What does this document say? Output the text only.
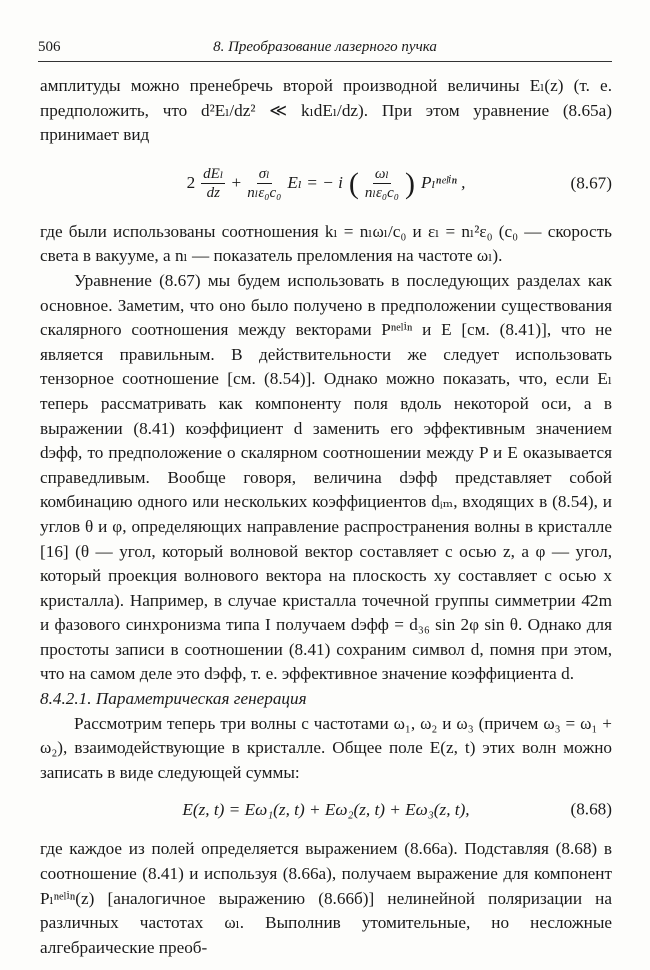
506	8. Преобразование лазерного пучка

амплитуды можно пренебречь второй производной величины Eₗ(z) (т. е. предположить, что d²Eₗ/dz² ≪ kₗdEₗ/dz). При этом уравнение (8.65а) принимает вид

$2 \frac{\text{dEₗ}}{dz} + \frac{\text{σₗ}}{\text{nₗε₀c₀}}$ Eₗ = − i ( $\frac{\text{ωₗ}}{\text{nₗε₀c₀}}$ ) Pₗⁿᵉˡⁱⁿ ,	(8.67)

где были использованы соотношения kₗ = nₗωₗ/c₀ и εₗ = nₗ²ε₀ (c₀ — скорость света в вакууме, а nₗ — показатель преломления на частоте ωₗ).

Уравнение (8.67) мы будем использовать в последующих разделах как основное. Заметим, что оно было получено в предположении существования скалярного соотношения между векторами Pⁿᵉˡⁱⁿ и E [см. (8.41)], что не является правильным. В действительности же следует использовать тензорное соотношение [см. (8.54)]. Однако можно показать, что, если Eₗ теперь рассматривать как компоненту поля вдоль некоторой оси, а в выражении (8.41) коэффициент d заменить его эффективным значением dэфф, то предположение о скалярном соотношении между P и E оказывается справедливым. Вообще говоря, величина dэфф представляет собой комбинацию одного или нескольких коэффициентов dᵢₘ, входящих в (8.54), и углов θ и φ, определяющих направление распространения волны в кристалле [16] (θ — угол, который волновой вектор составляет с осью z, а φ — угол, который проекция волнового вектора на плоскость xy составляет с осью x кристалла). Например, в случае кристалла точечной группы симметрии 4̄2m и фазового синхронизма типа I получаем dэфф = d₃₆ sin 2φ sin θ. Однако для простоты записи в соотношении (8.41) сохраним символ d, помня при этом, что на самом деле это dэфф, т. е. эффективное значение коэффициента d.

8.4.2.1. Параметрическая генерация

Рассмотрим теперь три волны с частотами ω₁, ω₂ и ω₃ (причем ω₃ = ω₁ + ω₂), взаимодействующие в кристалле. Общее поле E(z, t) этих волн можно записать в виде следующей суммы:

E(z, t) = Eω₁(z, t) + Eω₂(z, t) + Eω₃(z, t),	(8.68)

где каждое из полей определяется выражением (8.66а). Подставляя (8.68) в соотношение (8.41) и используя (8.66а), получаем выражение для компонент Pₗⁿᵉˡⁱⁿ(z) [аналогичное выражению (8.66б)] нелинейной поляризации на различных частотах ωₗ. Выполнив утомительные, но несложные алгебраические преоб-
